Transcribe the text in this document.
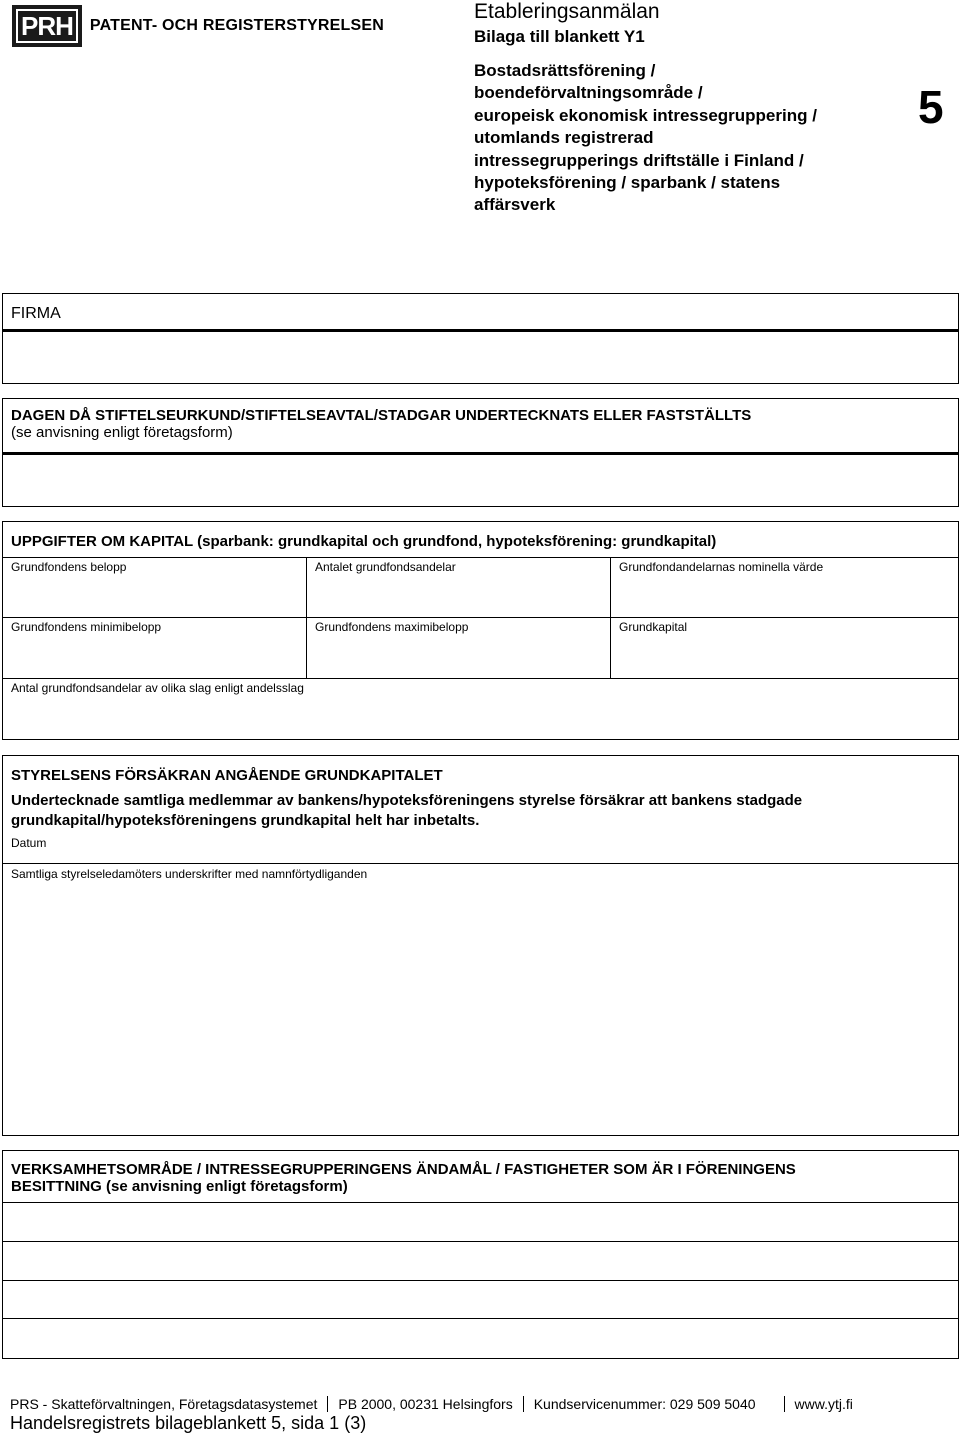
PRH	PATENT- OCH REGISTERSTYRELSEN
Etableringsanmälan
Bilaga till blankett Y1
Bostadsrättsförening /
boendeförvaltningsområde /
europeisk ekonomisk intressegruppering /
utomlands registrerad
intressegrupperings driftställe i Finland /
hypoteksförening / sparbank / statens
affärsverk
5
FIRMA
DAGEN DÅ STIFTELSEURKUND/STIFTELSEAVTAL/STADGAR UNDERTECKNATS ELLER FASTSTÄLLTS
(se anvisning enligt företagsform)
UPPGIFTER OM KAPITAL (sparbank: grundkapital och grundfond, hypoteksförening: grundkapital)
Grundfondens belopp	Antalet grundfondsandelar	Grundfondandelarnas nominella värde
Grundfondens minimibelopp	Grundfondens maximibelopp	Grundkapital
Antal grundfondsandelar av olika slag enligt andelsslag
STYRELSENS FÖRSÄKRAN ANGÅENDE GRUNDKAPITALET
Undertecknade samtliga medlemmar av bankens/hypoteksföreningens styrelse försäkrar att bankens stadgade
grundkapital/hypoteksföreningens grundkapital helt har inbetalts.
Datum
Samtliga styrelseledamöters underskrifter med namnförtydliganden
VERKSAMHETSOMRÅDE / INTRESSEGRUPPERINGENS ÄNDAMÅL / FASTIGHETER SOM ÄR I FÖRENINGENS
BESITTNING (se anvisning enligt företagsform)
PRS - Skatteförvaltningen, Företagsdatasystemet PB 2000, 00231 Helsingfors Kundservicenummer: 029 509 5040	www.ytj.fi
Handelsregistrets bilageblankett 5, sida 1 (3)
